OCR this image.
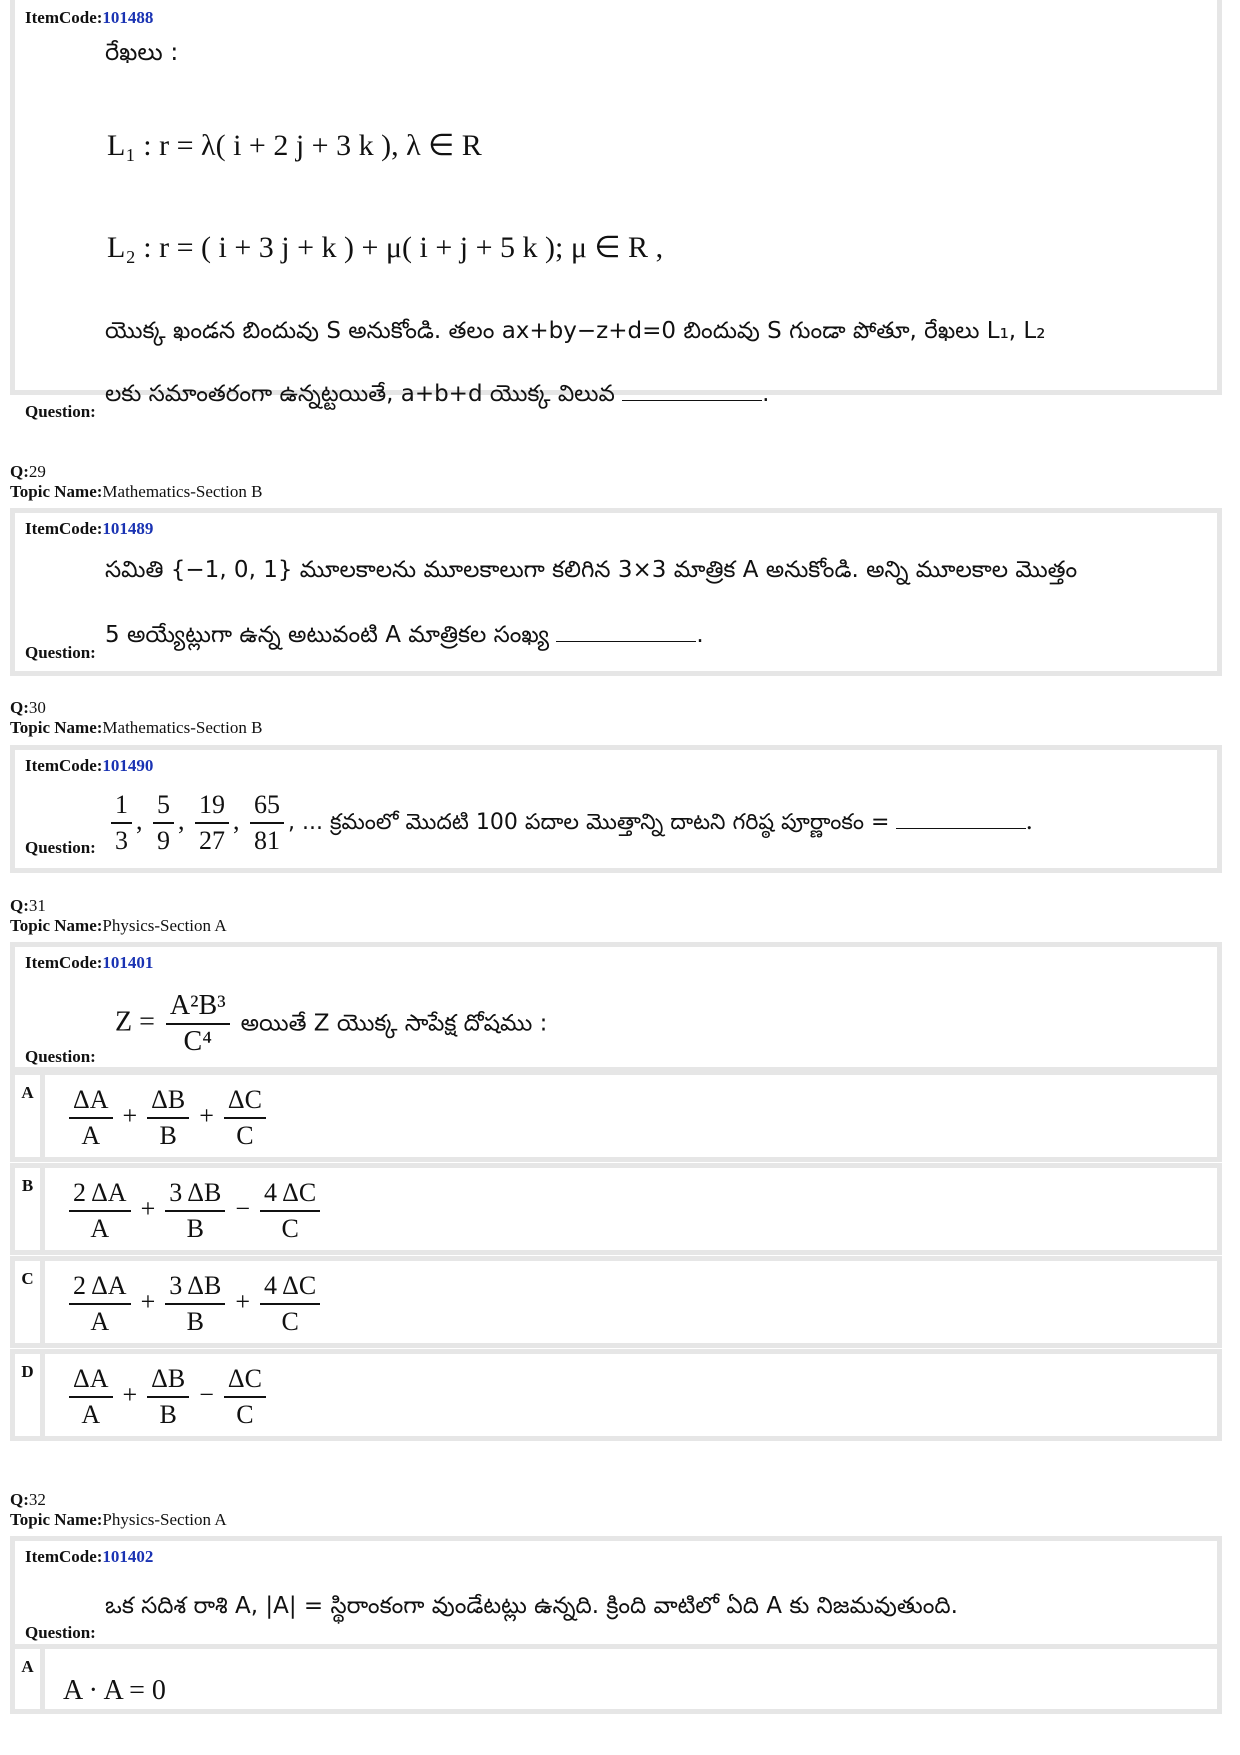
ItemCode:101488
రేఖలు :
L₁ : r = λ( i + 2 j + 3 k ), λ ∈ R
L₂ : r = ( i + 3 j + k ) + μ( i + j + 5 k ); μ ∈ R ,
యొక్క ఖండన బిందువు S అనుకోండి. తలం ax+by−z+d=0 బిందువు S గుండా పోతూ, రేఖలు L₁, L₂
లకు సమాంతరంగా ఉన్నట్టయితే, a+b+d యొక్క విలువ	.
Question:
Q:29
Topic Name:Mathematics-Section B
ItemCode:101489
సమితి {−1, 0, 1} మూలకాలను మూలకాలుగా కలిగిన 3×3 మాత్రిక A అనుకోండి. అన్ని మూలకాల మొత్తం
5 అయ్యేట్లుగా ఉన్న అటువంటి A మాత్రికల సంఖ్య	.
Question:
Q:30
Topic Name:Mathematics-Section B
ItemCode:101490
$\frac{1}{3}$ , $\frac{5}{9}$ , $\frac{19}{27}$ , $\frac{65}{81}$ , ... క్రమంలో మొదటి 100 పదాల మొత్తాన్ని దాటని గరిష్ఠ పూర్ణాంకం =	.
Question:
Q:31
Topic Name:Physics-Section A
ItemCode:101401
$Z = \frac{\text{A²B³}}{\text{C⁴}}$ అయితే Z యొక్క సాపేక్ష దోషము :
Question:
A	$\frac{\Delta A}{A} + \frac{\Delta B}{B} + \frac{\Delta C}{C}$
B	$\frac{2 \Delta A}{A} + \frac{3 \Delta B}{B} - \frac{4 \Delta C}{C}$
C	$\frac{2 \Delta A}{A} + \frac{3 \Delta B}{B} + \frac{4 \Delta C}{C}$
D	$\frac{\Delta A}{A} + \frac{\Delta B}{B} - \frac{\Delta C}{C}$
Q:32
Topic Name:Physics-Section A
ItemCode:101402
ఒక సదిశ రాశి A, |A| = స్థిరాంకంగా వుండేటట్లు ఉన్నది. క్రింది వాటిలో ఏది A కు నిజమవుతుంది.
Question:
A
A · A = 0
